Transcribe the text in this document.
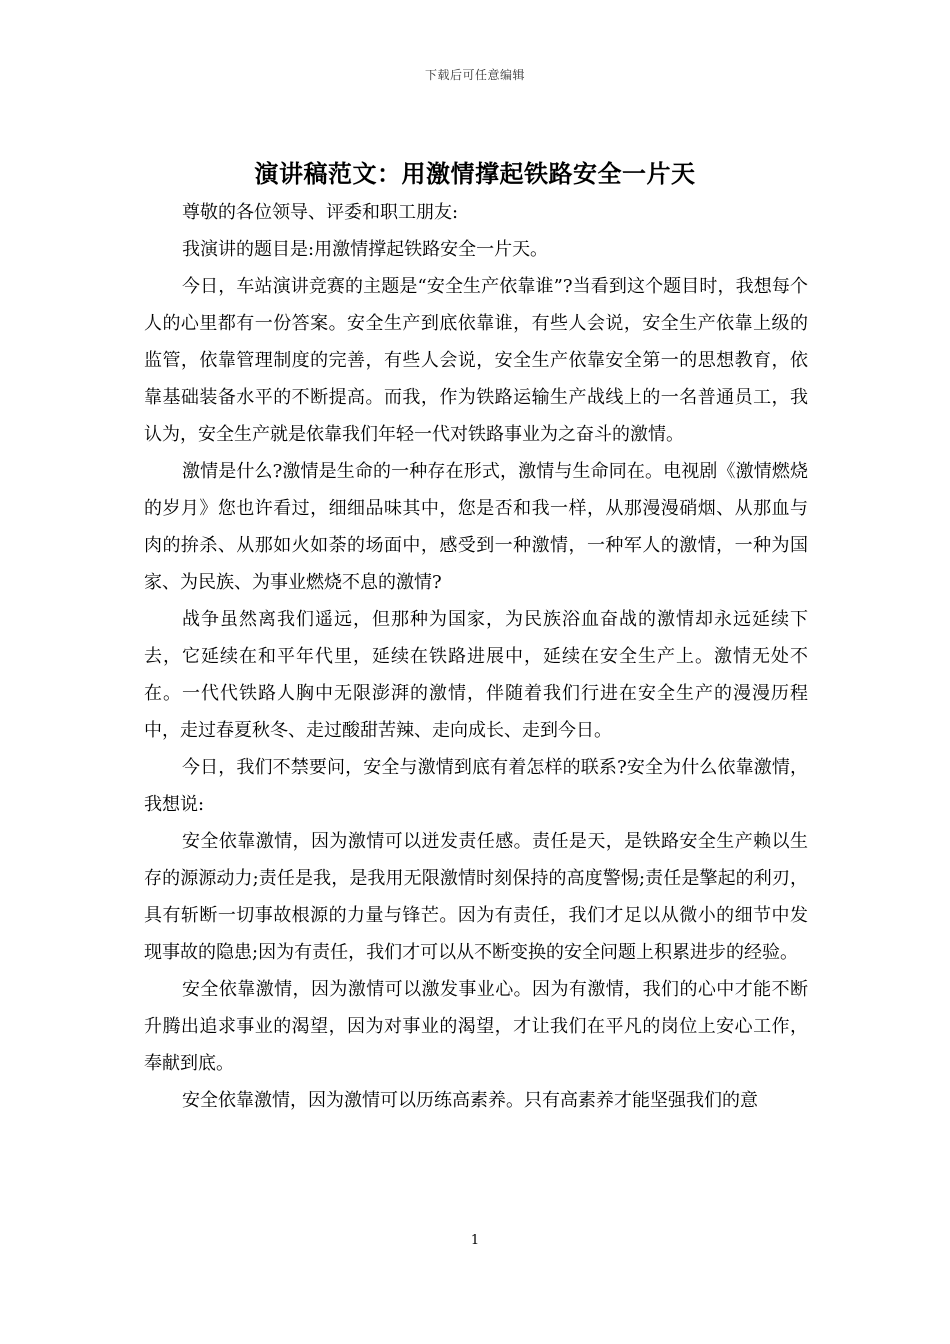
下载后可任意编辑
演讲稿范文：用激情撑起铁路安全一片天

尊敬的各位领导、评委和职工朋友:

我演讲的题目是:用激情撑起铁路安全一片天。

今日，车站演讲竞赛的主题是“安全生产依靠谁”?当看到这个题目时，我想每个人的心里都有一份答案。安全生产到底依靠谁，有些人会说，安全生产依靠上级的监管，依靠管理制度的完善，有些人会说，安全生产依靠安全第一的思想教育，依靠基础装备水平的不断提高。而我，作为铁路运输生产战线上的一名普通员工，我认为，安全生产就是依靠我们年轻一代对铁路事业为之奋斗的激情。

激情是什么?激情是生命的一种存在形式，激情与生命同在。电视剧《激情燃烧的岁月》您也许看过，细细品味其中，您是否和我一样，从那漫漫硝烟、从那血与肉的拚杀、从那如火如荼的场面中，感受到一种激情，一种军人的激情，一种为国家、为民族、为事业燃烧不息的激情?

战争虽然离我们遥远，但那种为国家，为民族浴血奋战的激情却永远延续下去，它延续在和平年代里，延续在铁路进展中，延续在安全生产上。激情无处不在。一代代铁路人胸中无限澎湃的激情，伴随着我们行进在安全生产的漫漫历程中，走过春夏秋冬、走过酸甜苦辣、走向成长、走到今日。

今日，我们不禁要问，安全与激情到底有着怎样的联系?安全为什么依靠激情，我想说:

安全依靠激情，因为激情可以迸发责任感。责任是天，是铁路安全生产赖以生存的源源动力;责任是我，是我用无限激情时刻保持的高度警惕;责任是擎起的利刃，具有斩断一切事故根源的力量与锋芒。因为有责任，我们才足以从微小的细节中发现事故的隐患;因为有责任，我们才可以从不断变换的安全问题上积累进步的经验。

安全依靠激情，因为激情可以激发事业心。因为有激情，我们的心中才能不断升腾出追求事业的渴望，因为对事业的渴望，才让我们在平凡的岗位上安心工作，奉献到底。

安全依靠激情，因为激情可以历练高素养。只有高素养才能坚强我们的意

1
